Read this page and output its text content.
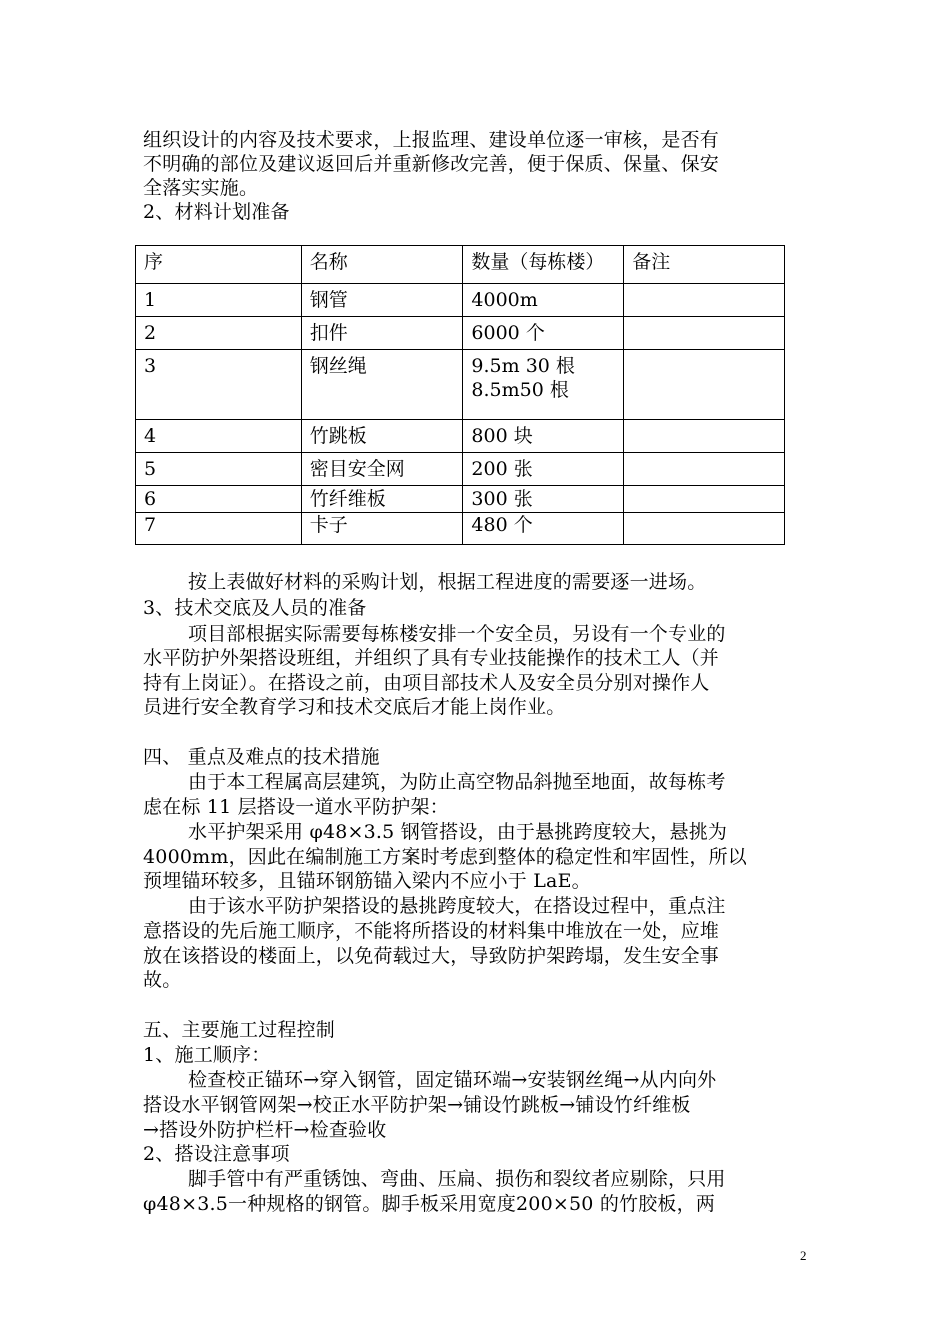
组织设计的内容及技术要求，上报监理、建设单位逐一审核，是否有
不明确的部位及建议返回后并重新修改完善，便于保质、保量、保安
全落实实施。
2、材料计划准备
序	名称	数量（每栋楼）	备注
1	钢管	4000m	
2	扣件	6000 个	
3	钢丝绳	9.5m 30 根
8.5m50 根	

4	竹跳板	800 块	
5	密目安全网	200 张	
6	竹纤维板	300 张	
7	卡子	480 个	
按上表做好材料的采购计划，根据工程进度的需要逐一进场。
3、技术交底及人员的准备
项目部根据实际需要每栋楼安排一个安全员，另设有一个专业的
水平防护外架搭设班组，并组织了具有专业技能操作的技术工人（并
持有上岗证）。在搭设之前，由项目部技术人及安全员分别对操作人
员进行安全教育学习和技术交底后才能上岗作业。
四、 重点及难点的技术措施
由于本工程属高层建筑，为防止高空物品斜抛至地面，故每栋考
虑在标 11 层搭设一道水平防护架：
水平护架采用 φ48×3.5 钢管搭设，由于悬挑跨度较大，悬挑为
4000mm，因此在编制施工方案时考虑到整体的稳定性和牢固性，所以
预埋锚环较多，且锚环钢筋锚入梁内不应小于 LaE。
由于该水平防护架搭设的悬挑跨度较大，在搭设过程中，重点注
意搭设的先后施工顺序，不能将所搭设的材料集中堆放在一处，应堆
放在该搭设的楼面上，以免荷载过大，导致防护架跨塌，发生安全事
故。
五、主要施工过程控制
1、施工顺序：
检查校正锚环→穿入钢管，固定锚环端→安装钢丝绳→从内向外
搭设水平钢管网架→校正水平防护架→铺设竹跳板→铺设竹纤维板
→搭设外防护栏杆→检查验收
2、搭设注意事项
脚手管中有严重锈蚀、弯曲、压扁、损伤和裂纹者应剔除，只用
φ48×3.5一种规格的钢管。脚手板采用宽度200×50 的竹胶板，两
2
